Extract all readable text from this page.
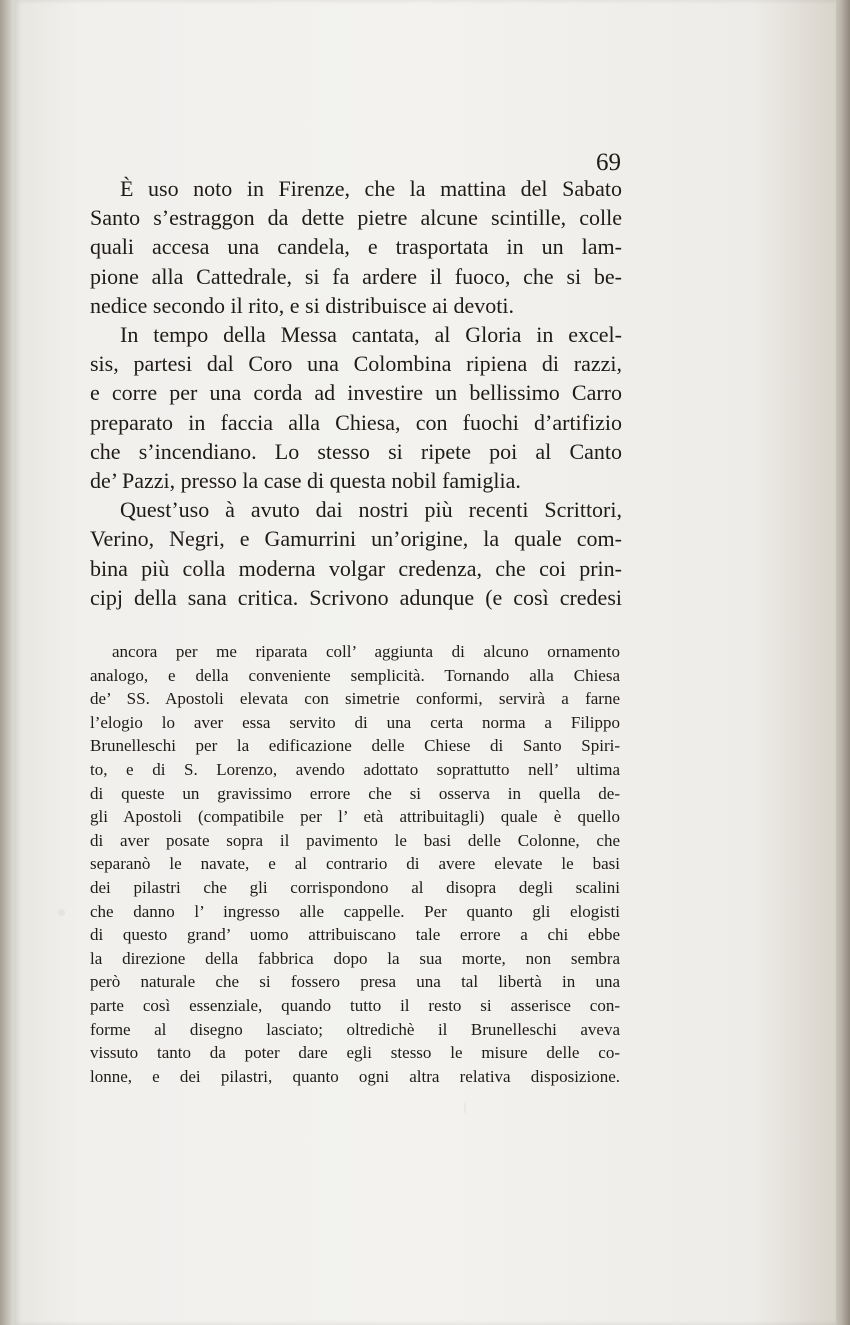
69
È uso noto in Firenze, che la mattina del Sabato
Santo s’estraggon da dette pietre alcune scintille, colle
quali accesa una candela, e trasportata in un lam-
pione alla Cattedrale, si fa ardere il fuoco, che si be-
nedice secondo il rito, e si distribuisce ai devoti.
In tempo della Messa cantata, al Gloria in excel-
sis, partesi dal Coro una Colombina ripiena di razzi,
e corre per una corda ad investire un bellissimo Carro
preparato in faccia alla Chiesa, con fuochi d’artifizio
che s’incendiano. Lo stesso si ripete poi al Canto
de’ Pazzi, presso la case di questa nobil famiglia.
Quest’uso à avuto dai nostri più recenti Scrittori,
Verino, Negri, e Gamurrini un’origine, la quale com-
bina più colla moderna volgar credenza, che coi prin-
cipj della sana critica. Scrivono adunque (e così credesi
ancora per me riparata coll’ aggiunta di alcuno ornamento
analogo, e della conveniente semplicità. Tornando alla Chiesa
de’ SS. Apostoli elevata con simetrie conformi, servirà a farne
l’elogio lo aver essa servito di una certa norma a Filippo
Brunelleschi per la edificazione delle Chiese di Santo Spiri-
to, e di S. Lorenzo, avendo adottato soprattutto nell’ ultima
di queste un gravissimo errore che si osserva in quella de-
gli Apostoli (compatibile per l’ età attribuitagli) quale è quello
di aver posate sopra il pavimento le basi delle Colonne, che
separanò le navate, e al contrario di avere elevate le basi
dei pilastri che gli corrispondono al disopra degli scalini
che danno l’ ingresso alle cappelle. Per quanto gli elogisti
di questo grand’ uomo attribuiscano tale errore a chi ebbe
la direzione della fabbrica dopo la sua morte, non sembra
però naturale che si fossero presa una tal libertà in una
parte così essenziale, quando tutto il resto si asserisce con-
forme al disegno lasciato; oltredichè il Brunelleschi aveva
vissuto tanto da poter dare egli stesso le misure delle co-
lonne, e dei pilastri, quanto ogni altra relativa disposizione.
